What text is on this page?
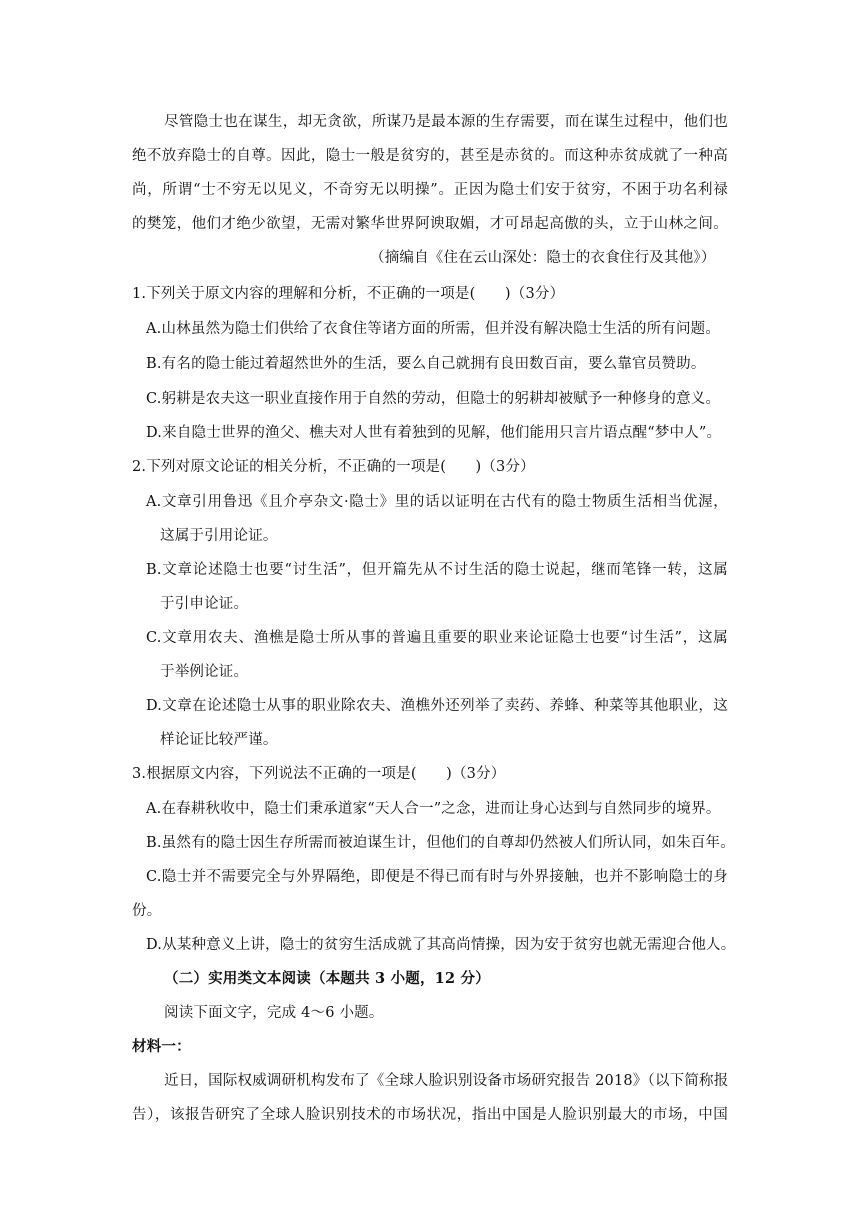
尽管隐士也在谋生，却无贪欲，所谋乃是最本源的生存需要，而在谋生过程中，他们也
绝不放弃隐士的自尊。因此，隐士一般是贫穷的，甚至是赤贫的。而这种赤贫成就了一种高
尚，所谓“士不穷无以见义，不奇穷无以明操”。正因为隐士们安于贫穷，不困于功名利禄
的樊笼，他们才绝少欲望，无需对繁华世界阿谀取媚，才可昂起高傲的头，立于山林之间。
（摘编自《住在云山深处：隐士的衣食住行及其他》）
1.下列关于原文内容的理解和分析，不正确的一项是(　　)（3分）
A.山林虽然为隐士们供给了衣食住等诸方面的所需，但并没有解决隐士生活的所有问题。
B.有名的隐士能过着超然世外的生活，要么自己就拥有良田数百亩，要么靠官员赞助。
C.躬耕是农夫这一职业直接作用于自然的劳动，但隐士的躬耕却被赋予一种修身的意义。
D.来自隐士世界的渔父、樵夫对人世有着独到的见解，他们能用只言片语点醒“梦中人”。
2.下列对原文论证的相关分析，不正确的一项是(　　)（3分）
A.文章引用鲁迅《且介亭杂文·隐士》里的话以证明在古代有的隐士物质生活相当优渥，
这属于引用论证。
B.文章论述隐士也要“讨生活”，但开篇先从不讨生活的隐士说起，继而笔锋一转，这属
于引申论证。
C.文章用农夫、渔樵是隐士所从事的普遍且重要的职业来论证隐士也要“讨生活”，这属
于举例论证。
D.文章在论述隐士从事的职业除农夫、渔樵外还列举了卖药、养蜂、种菜等其他职业，这
样论证比较严谨。
3.根据原文内容，下列说法不正确的一项是(　　)（3分）
A.在春耕秋收中，隐士们秉承道家“天人合一”之念，进而让身心达到与自然同步的境界。
B.虽然有的隐士因生存所需而被迫谋生计，但他们的自尊却仍然被人们所认同，如朱百年。
C.隐士并不需要完全与外界隔绝，即便是不得已而有时与外界接触，也并不影响隐士的身
份。
D.从某种意义上讲，隐士的贫穷生活成就了其高尚情操，因为安于贫穷也就无需迎合他人。
（二）实用类文本阅读（本题共 3 小题，12 分）
阅读下面文字，完成 4～6 小题。
材料一：
近日，国际权威调研机构发布了《全球人脸识别设备市场研究报告 2018》（以下简称报
告），该报告研究了全球人脸识别技术的市场状况，指出中国是人脸识别最大的市场，中国
